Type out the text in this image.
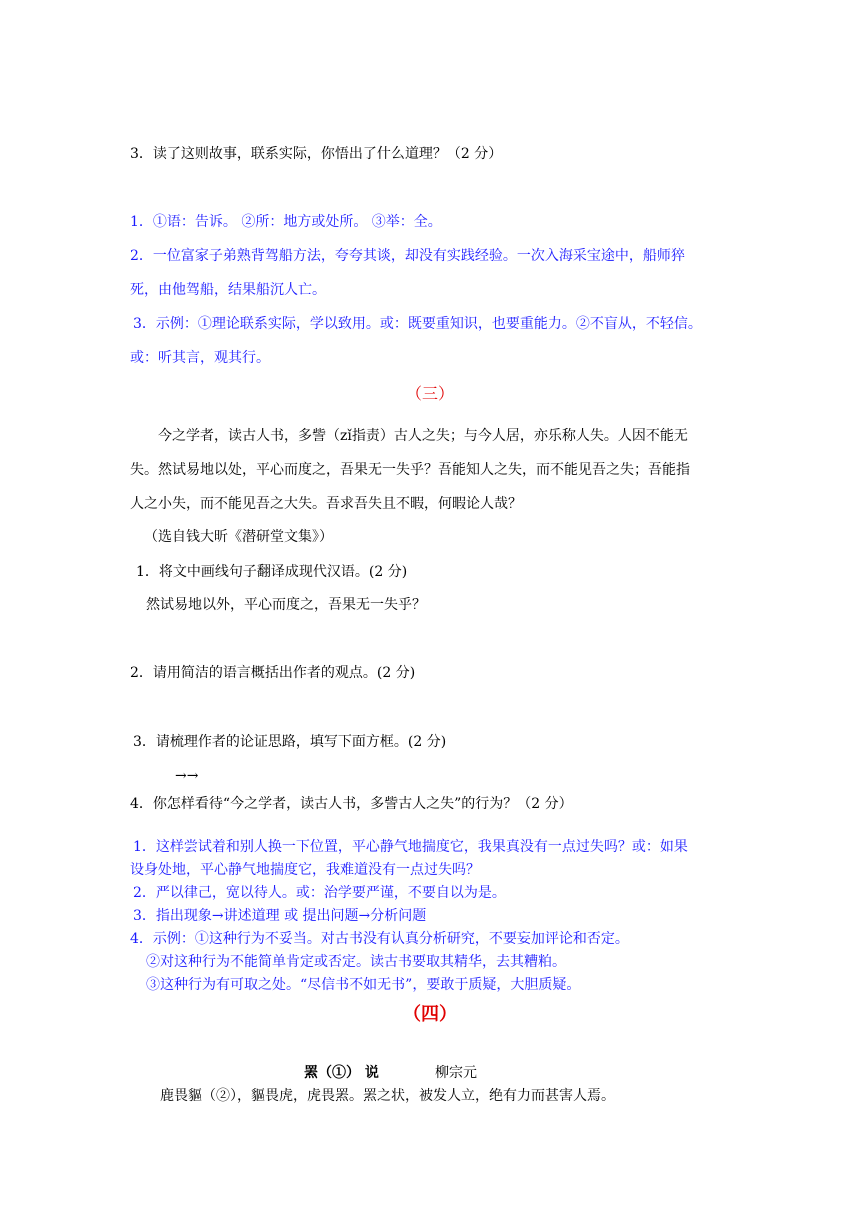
3．读了这则故事，联系实际，你悟出了什么道理？（2 分）
1．①语：告诉。 ②所：地方或处所。 ③举：全。
2．一位富家子弟熟背驾船方法，夸夸其谈，却没有实践经验。一次入海采宝途中，船师猝
死，由他驾船，结果船沉人亡。
3．示例：①理论联系实际，学以致用。或：既要重知识，也要重能力。②不盲从，不轻信。
或：听其言，观其行。
（三）
今之学者，读古人书，多訾（zǐ指责）古人之失；与今人居，亦乐称人失。人因不能无
失。然试易地以处，平心而度之，吾果无一失乎？吾能知人之失，而不能见吾之失；吾能指
人之小失，而不能见吾之大失。吾求吾失且不暇，何暇论人哉？
（选自钱大昕《潜研堂文集》）
1．将文中画线句子翻译成现代汉语。(2 分)
然试易地以外，平心而度之，吾果无一失乎？
2．请用简洁的语言概括出作者的观点。(2 分)
3．请梳理作者的论证思路，填写下面方框。(2 分)
→→
4．你怎样看待“今之学者，读古人书，多訾古人之失”的行为？（2 分）
1．这样尝试着和别人换一下位置，平心静气地揣度它，我果真没有一点过失吗？或：如果
设身处地，平心静气地揣度它，我难道没有一点过失吗？
2．严以律己，宽以待人。或：治学要严谨，不要自以为是。
3．指出现象→讲述道理 或 提出问题→分析问题
4．示例：①这种行为不妥当。对古书没有认真分析研究，不要妄加评论和否定。
②对这种行为不能简单肯定或否定。读古书要取其精华，去其糟粕。
③这种行为有可取之处。“尽信书不如无书”，要敢于质疑，大胆质疑。
（四）
罴（①） 说	柳宗元
鹿畏貙（②），貙畏虎，虎畏罴。罴之状，被发人立，绝有力而甚害人焉。
